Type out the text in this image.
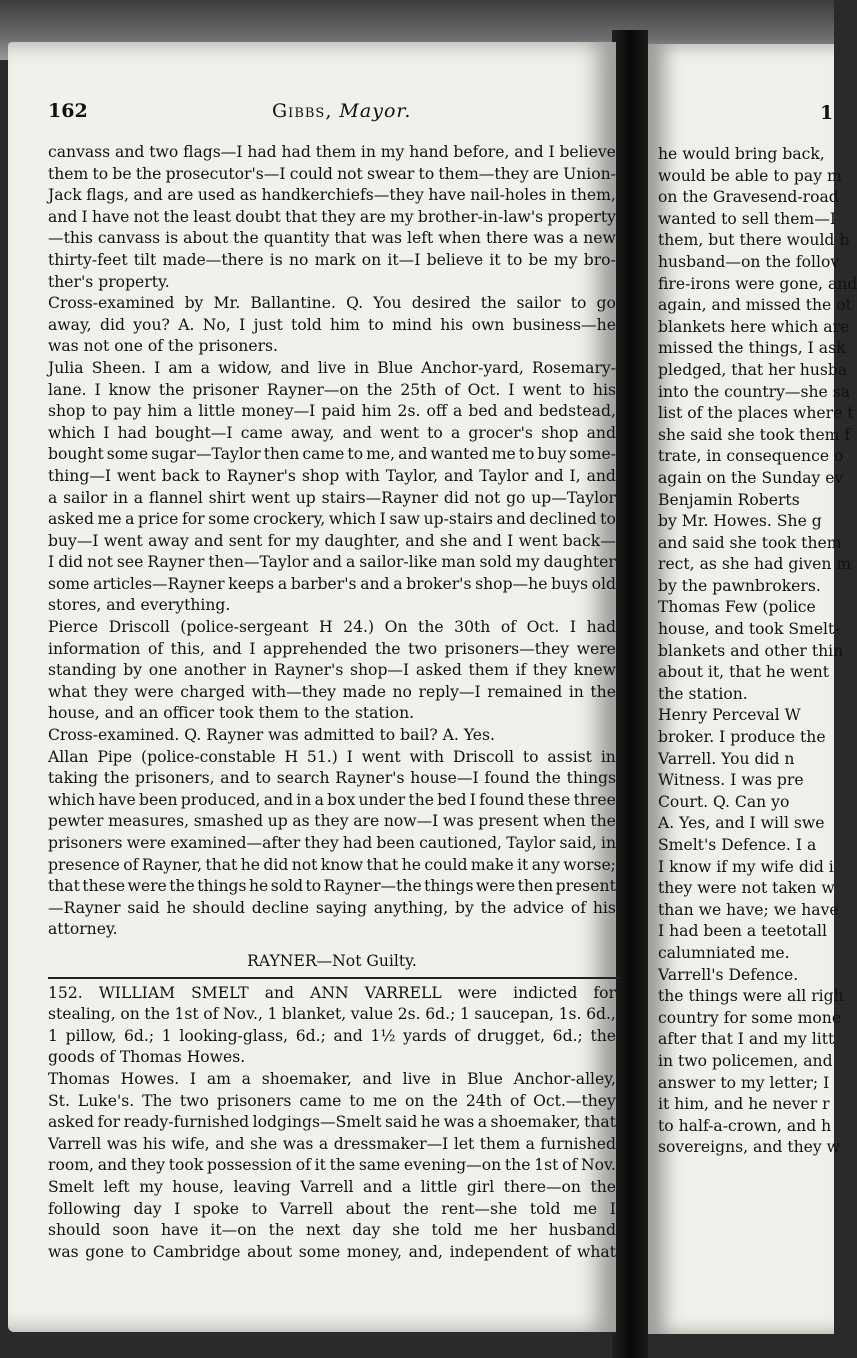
162	Gibbs, Mayor.
canvass and two flags—I had had them in my hand before, and I believe
them to be the prosecutor's—I could not swear to them—they are Union-
Jack flags, and are used as handkerchiefs—they have nail-holes in them,
and I have not the least doubt that they are my brother-in-law's property
—this canvass is about the quantity that was left when there was a new
thirty-feet tilt made—there is no mark on it—I believe it to be my bro-
ther's property.
Cross-examined by Mr. Ballantine. Q. You desired the sailor to go
away, did you? A. No, I just told him to mind his own business—he
was not one of the prisoners.
Julia Sheen. I am a widow, and live in Blue Anchor-yard, Rosemary-
lane. I know the prisoner Rayner—on the 25th of Oct. I went to his
shop to pay him a little money—I paid him 2s. off a bed and bedstead,
which I had bought—I came away, and went to a grocer's shop and
bought some sugar—Taylor then came to me, and wanted me to buy some-
thing—I went back to Rayner's shop with Taylor, and Taylor and I, and
a sailor in a flannel shirt went up stairs—Rayner did not go up—Taylor
asked me a price for some crockery, which I saw up-stairs and declined to
buy—I went away and sent for my daughter, and she and I went back—
I did not see Rayner then—Taylor and a sailor-like man sold my daughter
some articles—Rayner keeps a barber's and a broker's shop—he buys old
stores, and everything.
Pierce Driscoll (police-sergeant H 24.) On the 30th of Oct. I had
information of this, and I apprehended the two prisoners—they were
standing by one another in Rayner's shop—I asked them if they knew
what they were charged with—they made no reply—I remained in the
house, and an officer took them to the station.
Cross-examined. Q. Rayner was admitted to bail? A. Yes.
Allan Pipe (police-constable H 51.) I went with Driscoll to assist in
taking the prisoners, and to search Rayner's house—I found the things
which have been produced, and in a box under the bed I found these three
pewter measures, smashed up as they are now—I was present when the
prisoners were examined—after they had been cautioned, Taylor said, in
presence of Rayner, that he did not know that he could make it any worse;
that these were the things he sold to Rayner—the things were then present
—Rayner said he should decline saying anything, by the advice of his
attorney.
RAYNER—Not Guilty.
152. WILLIAM SMELT and ANN VARRELL were indicted for
stealing, on the 1st of Nov., 1 blanket, value 2s. 6d.; 1 saucepan, 1s. 6d.,
1 pillow, 6d.; 1 looking-glass, 6d.; and 1½ yards of drugget, 6d.; the
goods of Thomas Howes.
Thomas Howes. I am a shoemaker, and live in Blue Anchor-alley,
St. Luke's. The two prisoners came to me on the 24th of Oct.—they
asked for ready-furnished lodgings—Smelt said he was a shoemaker, that
Varrell was his wife, and she was a dressmaker—I let them a furnished
room, and they took possession of it the same evening—on the 1st of Nov.
Smelt left my house, leaving Varrell and a little girl there—on the
following day I spoke to Varrell about the rent—she told me I
should soon have it—on the next day she told me her husband
was gone to Cambridge about some money, and, independent of what
1
he would bring back,
would be able to pay m
on the Gravesend-road
wanted to sell them—I
them, but there would b
husband—on the follov
fire-irons were gone, and
again, and missed the ot
blankets here which are
missed the things, I ask
pledged, that her husba
into the country—she sa
list of the places where t
she said she took them f
trate, in consequence o
again on the Sunday ev
Benjamin Roberts
by Mr. Howes. She g
and said she took them
rect, as she had given m
by the pawnbrokers.
Thomas Few (police
house, and took Smelt-
blankets and other thin
about it, that he went
the station.
Henry Perceval W
broker. I produce the
Varrell. You did n
Witness. I was pre
Court. Q. Can yo
A. Yes, and I will swe
Smelt's Defence. I a
I know if my wife did i
they were not taken w
than we have; we have
I had been a teetotall
calumniated me.
Varrell's Defence.
the things were all righ
country for some mone
after that I and my litt
in two policemen, and
answer to my letter; I
it him, and he never r
to half-a-crown, and h
sovereigns, and they w
